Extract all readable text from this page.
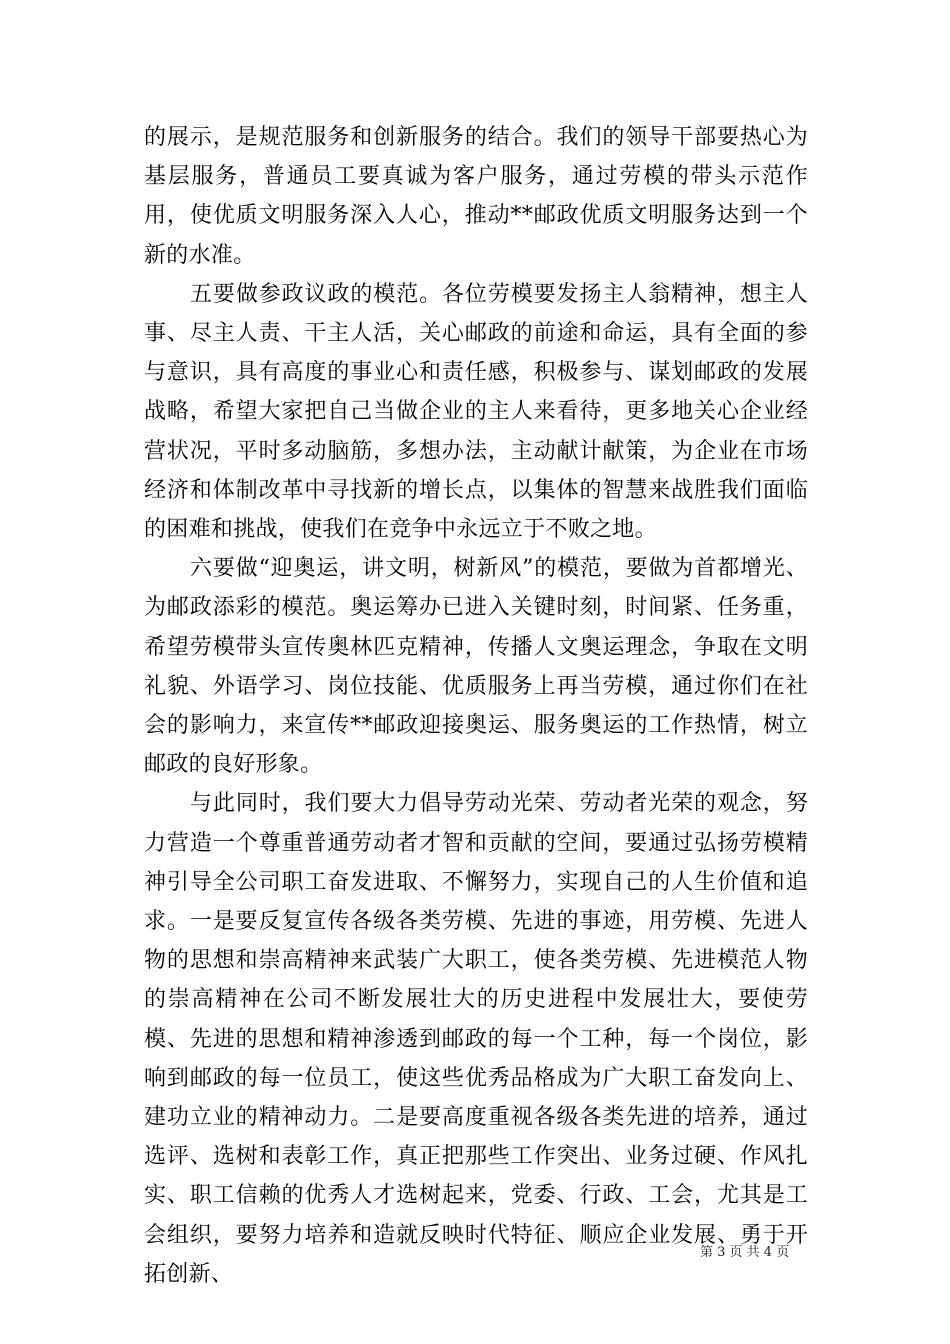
的展示，是规范服务和创新服务的结合。我们的领导干部要热心为基层服务，普通员工要真诚为客户服务，通过劳模的带头示范作用，使优质文明服务深入人心，推动**邮政优质文明服务达到一个新的水准。

五要做参政议政的模范。各位劳模要发扬主人翁精神，想主人事、尽主人责、干主人活，关心邮政的前途和命运，具有全面的参与意识，具有高度的事业心和责任感，积极参与、谋划邮政的发展战略，希望大家把自己当做企业的主人来看待，更多地关心企业经营状况，平时多动脑筋，多想办法，主动献计献策，为企业在市场经济和体制改革中寻找新的增长点，以集体的智慧来战胜我们面临的困难和挑战，使我们在竞争中永远立于不败之地。

六要做“迎奥运，讲文明，树新风”的模范，要做为首都增光、为邮政添彩的模范。奥运筹办已进入关键时刻，时间紧、任务重，希望劳模带头宣传奥林匹克精神，传播人文奥运理念，争取在文明礼貌、外语学习、岗位技能、优质服务上再当劳模，通过你们在社会的影响力，来宣传**邮政迎接奥运、服务奥运的工作热情，树立邮政的良好形象。

与此同时，我们要大力倡导劳动光荣、劳动者光荣的观念，努力营造一个尊重普通劳动者才智和贡献的空间，要通过弘扬劳模精神引导全公司职工奋发进取、不懈努力，实现自己的人生价值和追求。一是要反复宣传各级各类劳模、先进的事迹，用劳模、先进人物的思想和崇高精神来武装广大职工，使各类劳模、先进模范人物的崇高精神在公司不断发展壮大的历史进程中发展壮大，要使劳模、先进的思想和精神渗透到邮政的每一个工种，每一个岗位，影响到邮政的每一位员工，使这些优秀品格成为广大职工奋发向上、建功立业的精神动力。二是要高度重视各级各类先进的培养，通过选评、选树和表彰工作，真正把那些工作突出、业务过硬、作风扎实、职工信赖的优秀人才选树起来，党委、行政、工会，尤其是工会组织，要努力培养和造就反映时代特征、顺应企业发展、勇于开拓创新、

第 3 页 共 4 页
